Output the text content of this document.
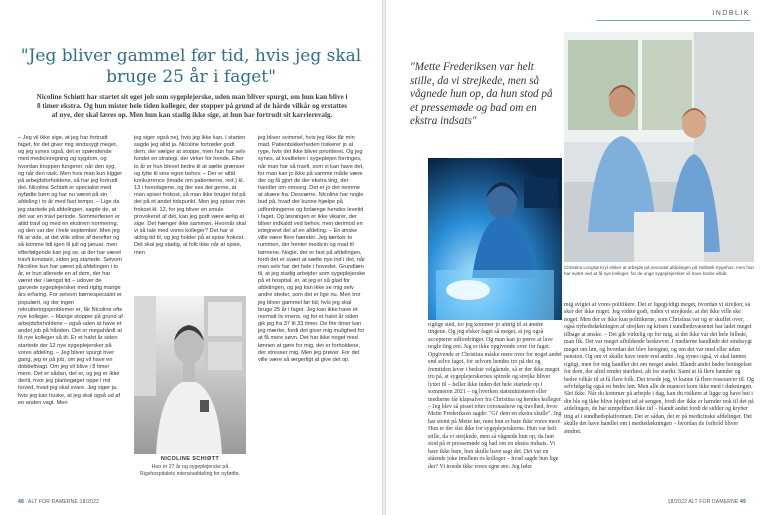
"Jeg bliver gammel før tid, hvis jeg skal bruge 25 år i faget"
Nicoline Schiøtt har startet sit eget job som sygeplejerske, uden man bliver spurgt, om hun kan blive i 8 timer ekstra. Og hun mister hele tiden kolleger, der stopper på grund af de hårde vilkår og erstattes af nye, der skal læres op. Men hun kan stadig ikke sige, at hun har fortrudt sit karrierevalg.

– Jeg vil ikke sige, at jeg har fortrudt faget, for det giver mig sindssygt meget, og jeg synes også, det er spændende med medicinregning og sygdom, og hvordan kroppen fungerer, når den syg, og når den rask. Men hvis man kun kigger på arbejdsforholdene, så har jeg fortrudt det. Nicoline Schiøtt er specialist med nyfødte børn og har nu været på sin afdeling i to år med fast tempo. – Lige da jeg startede på afdelingen, sagde de, at det var en travl periode. Sommerferien er altid travl og med en ekstrem normering, og den var der i hele september. Men jeg fik at vide, at det ville stilne af derefter og så komme lidt igen til juli og januar, men efterfølgende kan jeg se, at der har været travlt konstant, siden jeg startede. Selvom Nicoline kun har været på afdelingen i to år, er hun allerede en af dem, der har været der i længst tid – udover de garvede sygeplejersker med rigtig mange års erfaring. For selvom børnespecialet er populært, og der ingen rekrutteringsproblemer er, får Nicoline ofte nye kolleger. – Mange stopper på grund af arbejdsforholdene – også uden at have et andet job på hånden. Det er megahårdt at få nye kolleger så tit. Er et halvt år siden startede der 12 nye sygeplejersker på vores afdeling. – Jeg bliver spurgt hver gang, jeg er på job, om jeg vil have en dobbeltvagt. Om jeg vil blive i 8 timer mere. Det er sådan, det er, og jeg er ikke dertil, hvor jeg plantegøger oppe i mit hoved, hvad jeg skal svare. Jeg siger ja, hvis jeg kan huske, at jeg skal også ud af en anden vagt. Men

jeg siger også nej, hvis jeg ikke kan. I starten sagde jeg altid ja. Nicoline fortrøder godt dem, der vælger at stoppe, men hun har selv fundet en strategi, der virker for hende. Efter to år er hun blevet bedre til at sætte grænser og lytte til sine egne behov. – Der er altid konkurrence (imade om patienterne, red.) kl. 13 i hverdagene, og der ses det gerne, at man spiser frokost, så man ikke bruger tid på det på et andet tidspunkt. Men jeg spiser min frokost kl. 12, for jeg bliver en smule provokeret af det, kan jeg godt være ærlig at sige. Det hænger ikke sammen. Hvornår skal vi så tale med vores kolleger? Det har vi aldrig tid til, og jeg holder på at spise frokost. Det skal jeg stadig, at folk ikke når at spise, men

jeg bliver svimmel, hvis jeg ikke får min mad. Patientsikkerheden risikerer jo at ryge, hvis det ikke bliver prioriteret. Og jeg synes, at kvaliteten i sygeplejen forringes, når man har så travlt, som vi kan have det, for man kan jo ikke på samme måde være der og få gjort de der ekstra ting, der handler om omsorg. Det er jo det nemme at skære fra. Desværre. Nicoline har nogle bud på, hvad der kunne hjælpe på udfordringerne og forlænge hendes levetid i faget. Og løsningen er ikke vikarer, der bliver indkaldt ved behov, men derimod en integreret del af en afdeling. – En ønske ville være flere hænder. Jeg tænker to rummen, der henter medicin og mad til børnene. Nogle, der er fast på afdelingen, fordi det er svært at sætte nye ind i det, når man selv har det hele i hovedet. Grundlæn til, at jeg stadig arbejder som sygeplejerske på et hospital, er, at jeg er så glad for afdelingen, og jeg kan ikke se mig selv andre steder, som det er lige nu. Men tror jeg bliver gammel før tid, hvis jeg skal bruge 25 år i faget. Jeg kan ikke have et normalt liv imens, og for et halvt år siden gik jeg fra 37 til 33 timer. De fire timer kan jeg mærke, fordi det giver mig mulighed for at få mere søvn. Det har ikke noget med lønnen at gøre for mig, det er forholdene, der stresser mig. Men jeg prøver. For det ville være så ærgerligt at give det op.

NICOLINE SCHIØTT
Hun er 27 år og sygeplejerske på Rigshospitalets intensivafdeling for nyfødte.
48 ALT FOR DAMERNE 18/2022
INDBLIK
"Mette Frederiksen var helt stille, da vi strejkede, men så vågnede hun op, da hun stod på et pressemøde og bad om en ekstra indsats"
Christina Lungsø Kryl elsker at arbejde på neonatal afdelingen på Holbæk Sygehus, men hun har svært ved at få nye kolleger, for de unge sygeplejersker vil have bedre vilkår.

rigtige sted, for jeg kommer jo aldrig til at ændre tingene. Og jeg elsker faget så meget, at jeg også accepterer udfordringer. Og man kan jo prøve at lave nogle ting om. Jeg er ikke opgivende over for faget. Opgivende er Christina måske mere over for noget andet end selve faget, for selvom hendes tro på det og fremtiden lever i bedste velgående, så er der ikke meget tro på, at sygeplejerskernes spirede og strejke bliver lyttet til – heller ikke inden det hele startede op i sommeren 2021 – og hverken statsministeren eller medierne får klapsalver fra Christina og hendes kolleger. – Jeg blev så pisset efter coronashow og travlhed, hvor Mette Frederiksen sagde: "Gi' dem en ekstra skulle". Jeg har stemt på Mette før, men hun er bare ikke vores mere. Hun er der slet ikke for sygeplejerskerne. Hun var helt stille, da vi strejkede, men så vågnede hun op, da hun stod på et pressemøde og bad om en ekstra indsats. Vi bare ikke bare, hun skulle have sagt det. Det var en stående joke imellem os kolleger – hvad sagde hun lige der? Vi troede ikke vores egne øre. Jeg føler

mig svigtet af vores politikere. Det er ligegyldigt meget, hvordan vi strejker, så sker der ikke noget. Jeg vidste godt, inden vi strejkede, at det ikke ville ske noget. Men der er ikke kun politikerne, som Christina var og er skuffet over, også nyhedsdækningen af strejken og krisen i sundhedsvæsenet har ladet meget tilbage at ønske. – Det gik virkelig op for mig, at det ikke var det hele billede, man fik. Det var meget afbildende beskrevet. I medierne handlede det sindssygt meget om løn, og hvordan det blev beregnet, og om det var med eller uden pension. Og om vi skulle have mere end andre. Jeg synes også, vi skal lønnes rigtigt, men for mig handler det om meget andet. Blandt andet bedre betingelser for dem, der altid render stærkest, alt for stærkt. Samt at få flere hænder og bedre vilkår til at få flere folk. Det troede jeg, vi kunne få flere ressourcer til. Og selvfølgelig også en bedre løn. Men alle de nuancer kom ikke med i dækningen. Slet ikke. Når du kommer på arbejde i dag, kan du risikere at ligge og have bøi i din ble og ikke blive hjulpet ud af sengen, fordi der ikke er hænder nok til det på afdelingen, de har simpelthen ikke tid – blandt andet fordi de sidder og kryber ting af i sundhedsplatformen. Det er sådan, det er på medicinske afdelinger. Det skulle det have handlet om i mediedækningen – hvordan de forhold bliver ændret.

18/2022 ALT FOR DAMERNE 49
